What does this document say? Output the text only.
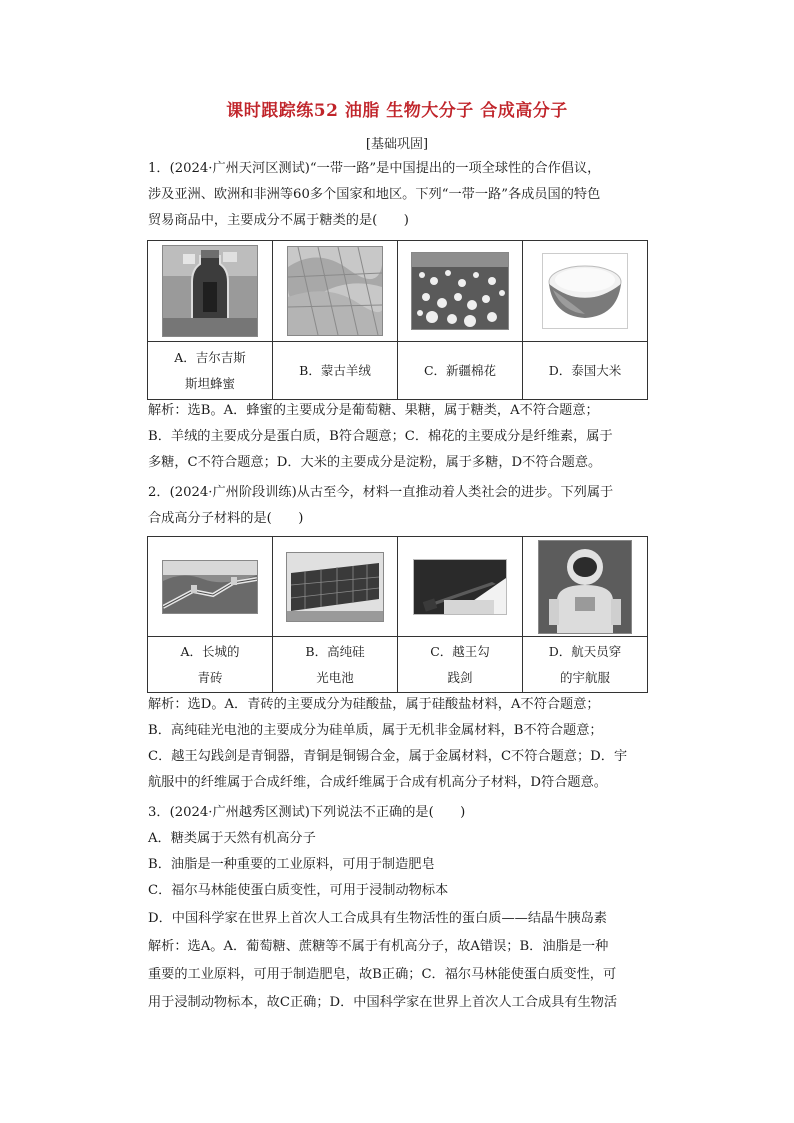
课时跟踪练52 油脂 生物大分子 合成高分子
[基础巩固]
1．(2024·广州天河区测试)“一带一路”是中国提出的一项全球性的合作倡议，
涉及亚洲、欧洲和非洲等60多个国家和地区。下列“一带一路”各成员国的特色
贸易商品中，主要成分不属于糖类的是(　　)

A．吉尔吉斯
斯坦蜂蜜	B．蒙古羊绒	C．新疆棉花	D．泰国大米
解析：选B。A．蜂蜜的主要成分是葡萄糖、果糖，属于糖类，A不符合题意；
B．羊绒的主要成分是蛋白质，B符合题意；C．棉花的主要成分是纤维素，属于
多糖，C不符合题意；D．大米的主要成分是淀粉，属于多糖，D不符合题意。
2．(2024·广州阶段训练)从古至今，材料一直推动着人类社会的进步。下列属于
合成高分子材料的是(　　)

A．长城的
青砖	B．高纯硅
光电池	C．越王勾
践剑	D．航天员穿
的宇航服
解析：选D。A．青砖的主要成分为硅酸盐，属于硅酸盐材料，A不符合题意；
B．高纯硅光电池的主要成分为硅单质，属于无机非金属材料，B不符合题意；
C．越王勾践剑是青铜器，青铜是铜锡合金，属于金属材料，C不符合题意；D．宇
航服中的纤维属于合成纤维，合成纤维属于合成有机高分子材料，D符合题意。
3．(2024·广州越秀区测试)下列说法不正确的是(　　)
A．糖类属于天然有机高分子
B．油脂是一种重要的工业原料，可用于制造肥皂
C．福尔马林能使蛋白质变性，可用于浸制动物标本
D．中国科学家在世界上首次人工合成具有生物活性的蛋白质——结晶牛胰岛素
解析：选A。A．葡萄糖、蔗糖等不属于有机高分子，故A错误；B．油脂是一种
重要的工业原料，可用于制造肥皂，故B正确；C．福尔马林能使蛋白质变性，可
用于浸制动物标本，故C正确；D．中国科学家在世界上首次人工合成具有生物活
